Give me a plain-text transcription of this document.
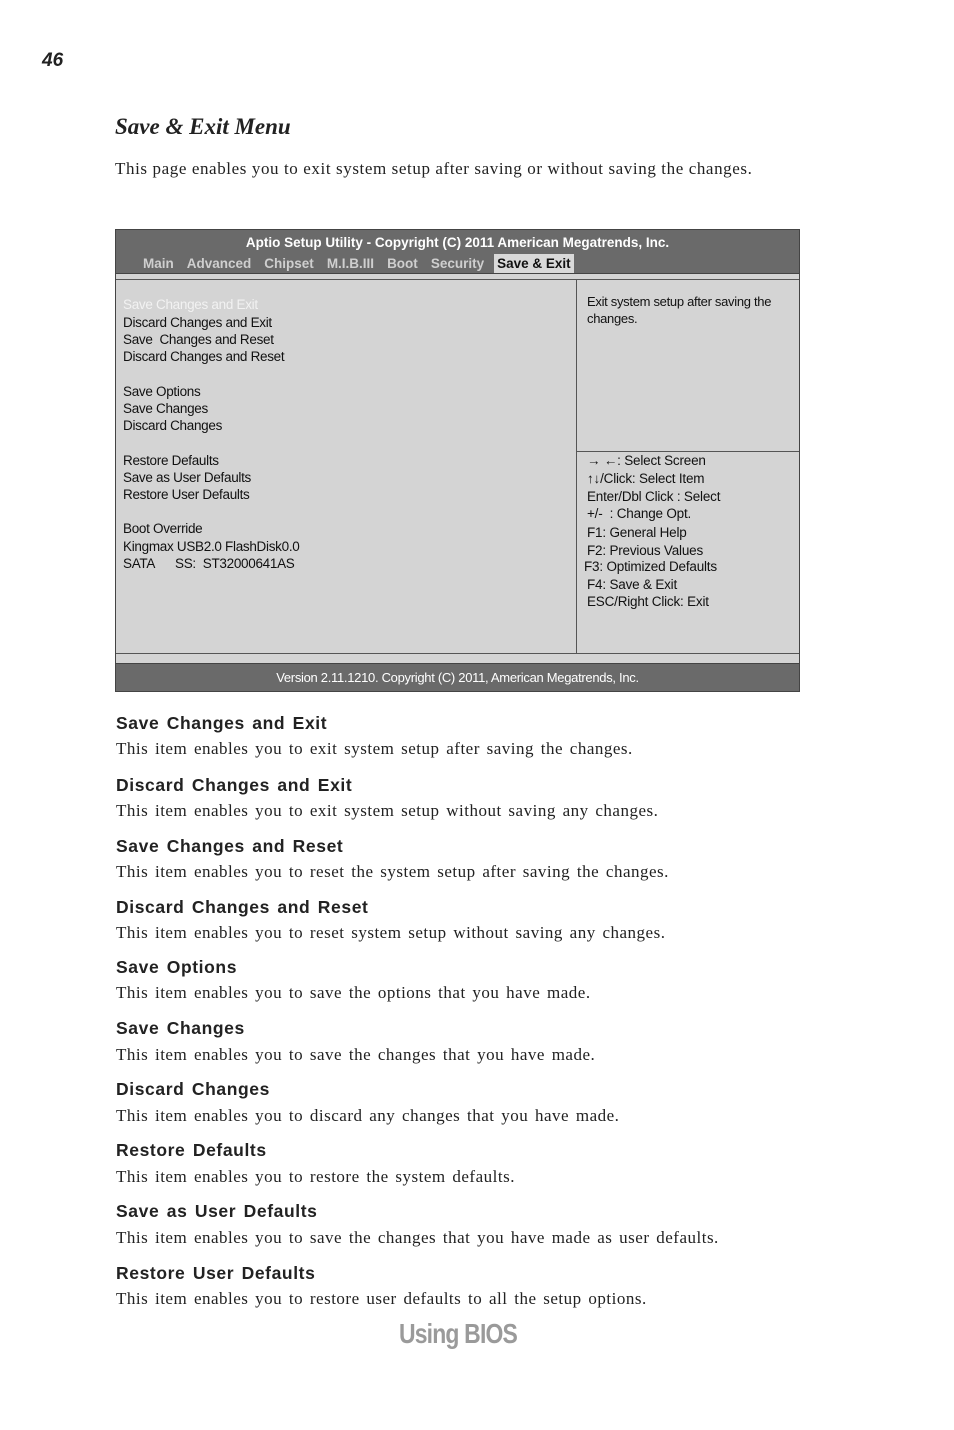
46
Save & Exit Menu
This page enables you to exit system setup after saving or without saving the changes.
Aptio Setup Utility - Copyright (C) 2011 American Megatrends, Inc.
Main Advanced Chipset M.I.B.III Boot Security Save & Exit
Save Changes and Exit
Discard Changes and Exit
Save  Changes and Reset
Discard Changes and Reset
Save Options
Save Changes
Discard Changes
Restore Defaults
Save as User Defaults
Restore User Defaults
Boot Override
Kingmax USB2.0 FlashDisk0.0
SATA      SS:  ST32000641AS
Exit system setup after saving the changes.
→ ←: Select Screen
↑↓/Click: Select Item
Enter/Dbl Click : Select
+/-  : Change Opt.
F1: General Help
F2: Previous Values
F3: Optimized Defaults
F4: Save & Exit
ESC/Right Click: Exit
Version 2.11.1210. Copyright (C) 2011, American Megatrends, Inc.
Save Changes and Exit
This item enables you to exit system setup after saving the changes.
Discard Changes and Exit
This item enables you to exit system setup without saving any changes.
Save Changes and Reset
This item enables you to reset the system setup after saving the changes.
Discard Changes and Reset
This item enables you to reset system setup without saving any changes.
Save Options
This item enables you to save the options that you have made.
Save Changes
This item enables you to save the changes that you have made.
Discard Changes
This item enables you to discard any changes that you have made.
Restore Defaults
This item enables you to restore the system defaults.
Save as User Defaults
This item enables you to save the changes that you have made as user defaults.
Restore User Defaults
This item enables you to restore user defaults to all the setup options.
Using BIOS
